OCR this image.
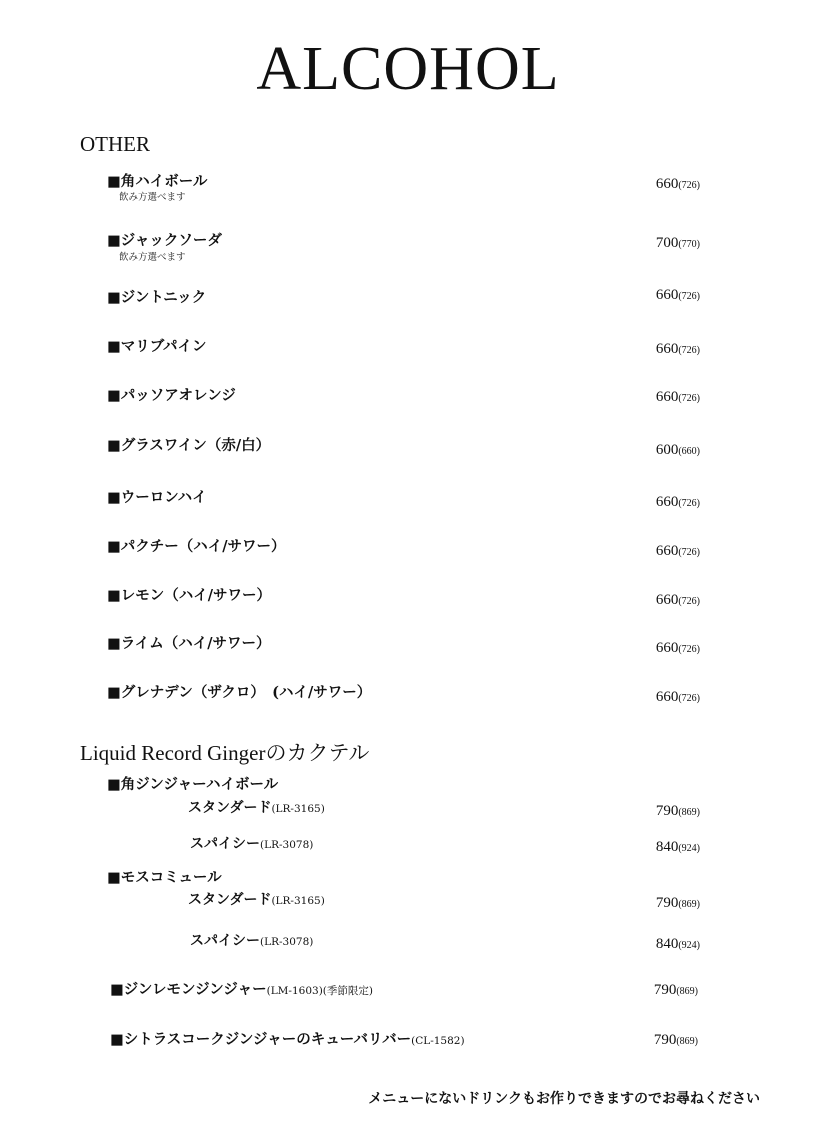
ALCOHOL
OTHER
■角ハイボール
飲み方選べます
660(726)
■ジャックソーダ
飲み方選べます
700(770)
■ジントニック	660(726)
■マリブパイン	660(726)
■パッソアオレンジ	660(726)
■グラスワイン（赤/白）	600(660)
■ウーロンハイ	660(726)
■パクチー（ハイ/サワー）	660(726)
■レモン（ハイ/サワー）	660(726)
■ライム（ハイ/サワー）	660(726)
■グレナデン（ザクロ）　(ハイ/サワー）	660(726)
Liquid Record Gingerのカクテル
■角ジンジャーハイボール
スタンダード(LR-3165)	790(869)
スパイシー(LR-3078)	840(924)
■モスコミュール
スタンダード(LR-3165)	790(869)
スパイシー(LR-3078)	840(924)
■ジンレモンジンジャー(LM-1603)(季節限定)	790(869)
■シトラスコークジンジャーのキューバリバー(CL-1582)	790(869)
メニューにないドリンクもお作りできますのでお尋ねください
